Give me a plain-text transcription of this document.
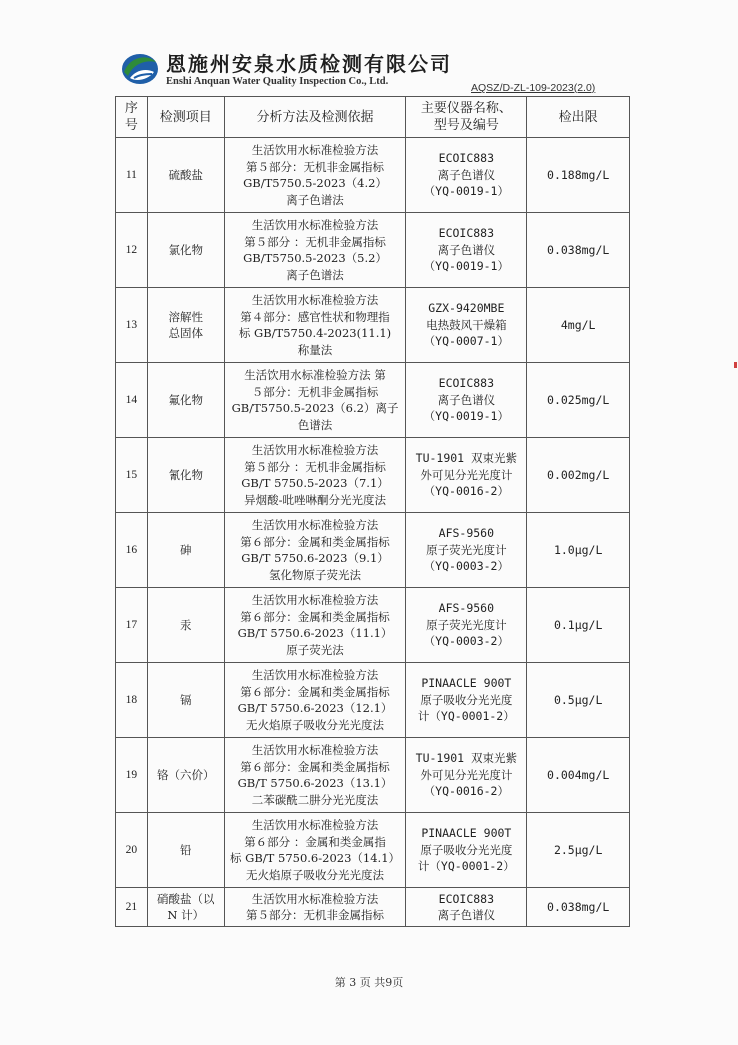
恩施州安泉水质检测有限公司
Enshi Anquan Water Quality Inspection Co., Ltd.
AQSZ/D-ZL-109-2023(2.0)
序
号	检测项目	分析方法及检测依据	主要仪器名称、
型号及编号	检出限
11	硫酸盐	生活饮用水标准检验方法
第５部分：无机非金属指标
GB/T5750.5-2023（4.2）
离子色谱法	ECOIC883
离子色谱仪
（YQ-0019-1）	0.188mg/L
12	氯化物	生活饮用水标准检验方法
第５部分 ：无机非金属指标
GB/T5750.5-2023（5.2）
离子色谱法	ECOIC883
离子色谱仪
（YQ-0019-1）	0.038mg/L
13	溶解性
总固体	生活饮用水标准检验方法
第４部分：感官性状和物理指
标 GB/T5750.4-2023(11.1)
称量法	GZX-9420MBE
电热鼓风干燥箱
（YQ-0007-1）	4mg/L
14	氟化物	生活饮用水标准检验方法 第
５部分：无机非金属指标
GB/T5750.5-2023（6.2）离子
色谱法	ECOIC883
离子色谱仪
（YQ-0019-1）	0.025mg/L
15	氰化物	生活饮用水标准检验方法
第５部分 ：无机非金属指标
GB/T 5750.5-2023（7.1）
异烟酸-吡唑啉酮分光光度法	TU-1901 双束光紫
外可见分光光度计
（YQ-0016-2）	0.002mg/L
16	砷	生活饮用水标准检验方法
第６部分：金属和类金属指标
GB/T 5750.6-2023（9.1）
氢化物原子荧光法	AFS-9560
原子荧光光度计
（YQ-0003-2）	1.0μg/L
17	汞	生活饮用水标准检验方法
第６部分：金属和类金属指标
GB/T 5750.6-2023（11.1）
原子荧光法	AFS-9560
原子荧光光度计
（YQ-0003-2）	0.1μg/L
18	镉	生活饮用水标准检验方法
第６部分：金属和类金属指标
GB/T 5750.6-2023（12.1）
无火焰原子吸收分光光度法	PINAACLE 900T
原子吸收分光光度
计（YQ-0001-2）	0.5μg/L
19	铬（六价）	生活饮用水标准检验方法
第６部分：金属和类金属指标
GB/T 5750.6-2023（13.1）
二苯碳酰二肼分光光度法	TU-1901 双束光紫
外可见分光光度计
（YQ-0016-2）	0.004mg/L
20	铅	生活饮用水标准检验方法
第６部分 ：金属和类金属指
标 GB/T 5750.6-2023（14.1）
无火焰原子吸收分光光度法	PINAACLE 900T
原子吸收分光光度
计（YQ-0001-2）	2.5μg/L
21	硝酸盐（以
N 计）	生活饮用水标准检验方法
第５部分：无机非金属指标	ECOIC883
离子色谱仪	0.038mg/L
第 3 页 共9页
